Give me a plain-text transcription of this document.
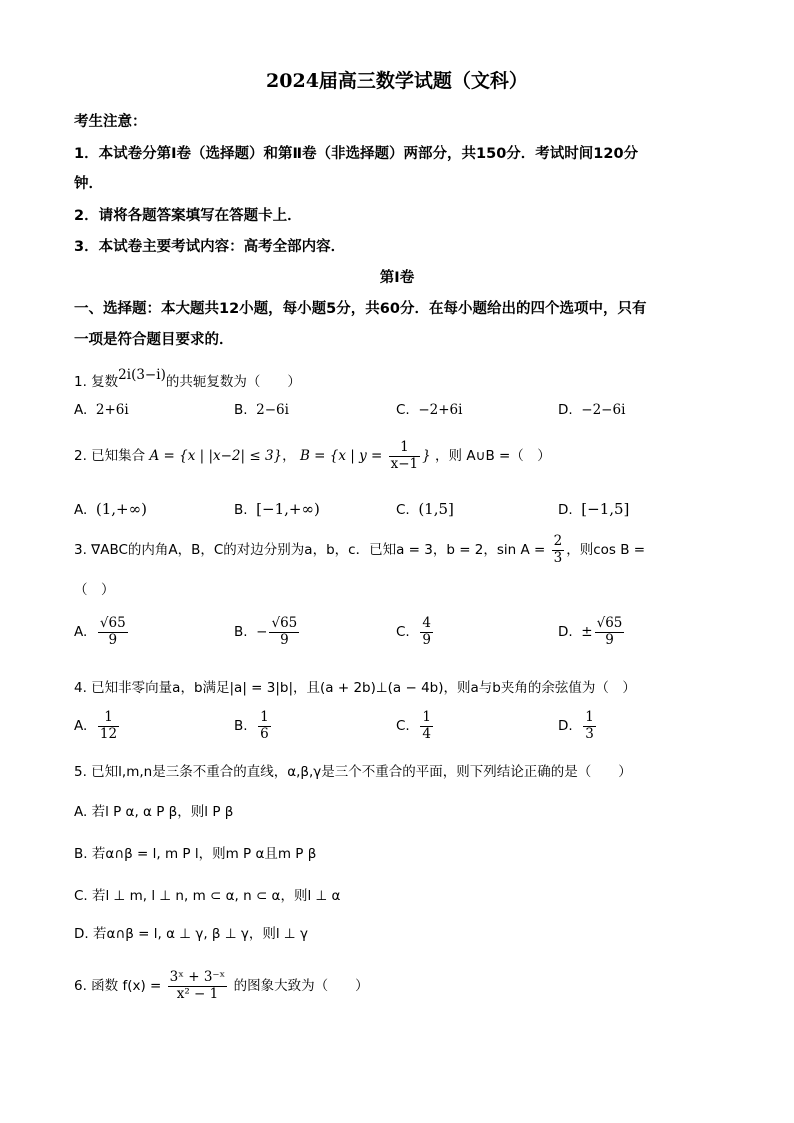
2024届高三数学试题（文科）
考生注意：
1．本试卷分第Ⅰ卷（选择题）和第Ⅱ卷（非选择题）两部分，共150分．考试时间120分
钟．
2．请将各题答案填写在答题卡上．
3．本试卷主要考试内容：高考全部内容．
第Ⅰ卷
一、选择题：本大题共12小题，每小题5分，共60分．在每小题给出的四个选项中，只有
一项是符合题目要求的．
1. 复数2i(3−i)的共轭复数为（　　）
A. 2+6i	B. 2−6i	C. −2+6i	D. −2−6i
2. 已知集合 A = {x | |x−2| ≤ 3}， B = {x | $y = \frac{1}{x-1}$ } ，则 A∪B =（　）
A. (1,+∞)	B. [−1,+∞)	C. (1,5]	D. [−1,5]
3. ∇ABC的内角A，B，C的对边分别为a，b，c．已知a = 3，b = 2，$\sin A = \frac{2}{3}$ ，则cos B =
（　）
A. $\frac{√65}{9}$	B. − $\frac{√65}{9}$	C. $\frac{4}{9}$	D. ± $\frac{√65}{9}$
4. 已知非零向量a，b满足|a| = 3|b|，且(a + 2b)⊥(a − 4b)，则a与b夹角的余弦值为（　）
A. $\frac{1}{12}$	B. $\frac{1}{6}$	C. $\frac{1}{4}$	D. $\frac{1}{3}$
5. 已知l,m,n是三条不重合的直线，α,β,γ是三个不重合的平面，则下列结论正确的是（　　）
A. 若l P α, α P β，则l P β
B. 若α∩β = l, m P l，则m P α且m P β
C. 若l ⊥ m, l ⊥ n, m ⊂ α, n ⊂ α，则l ⊥ α
D. 若α∩β = l, α ⊥ γ, β ⊥ γ，则l ⊥ γ
6. 函数 $f(x) = \frac{\text{3ˣ + 3⁻ˣ}}{\text{x² − 1}}$ 的图象大致为（　　）
